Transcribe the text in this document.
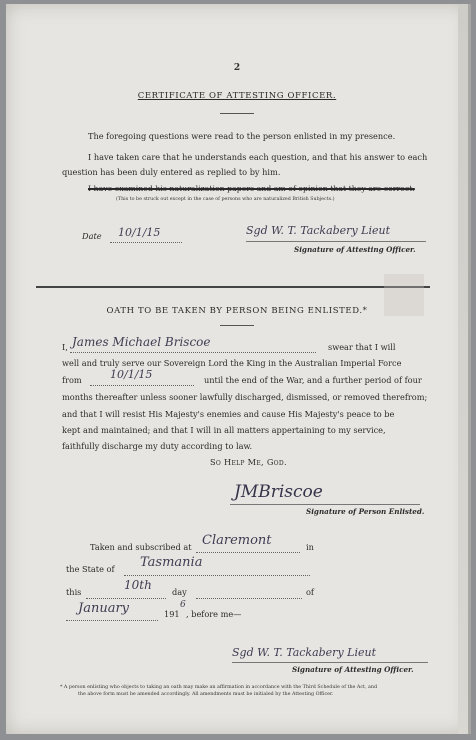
2
CERTIFICATE OF ATTESTING OFFICER.
The foregoing questions were read to the person enlisted in my presence.
I have taken care that he understands each question, and that his answer to each
question has been duly entered as replied to by him.
I have examined his naturalization papers and am of opinion that they are correct.
(This to be struck out except in the case of persons who are naturalized British Subjects.)
Date 10/1/15	Sgd W. T. Tackabery Lieut
Signature of Attesting Officer.
OATH TO BE TAKEN BY PERSON BEING ENLISTED.*
I, James Michael Briscoe	swear that I will
well and truly serve our Sovereign Lord the King in the Australian Imperial Force
from	10/1/15	until the end of the War, and a further period of four
months thereafter unless sooner lawfully discharged, dismissed, or removed therefrom;
and that I will resist His Majesty's enemies and cause His Majesty's peace to be
kept and maintained; and that I will in all matters appertaining to my service,
faithfully discharge my duty according to law.
So Help Me, God.
JMBriscoe
Signature of Person Enlisted.
Taken and subscribed at Claremont	in
the State of Tasmania
this	10th day	of
January	191
6
, before me—
Sgd W. T. Tackabery Lieut
Signature of Attesting Officer.
* A person enlisting who objects to taking an oath may make an affirmation in accordance with the Third Schedule of the Act, and
the above form must be amended accordingly. All amendments must be initialed by the Attesting Officer.
